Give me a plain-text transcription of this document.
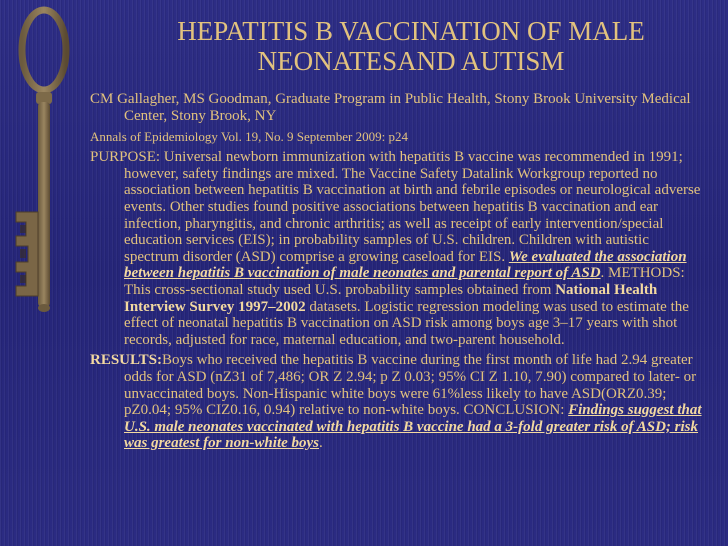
HEPATITIS B VACCINATION OF MALE NEONATESAND AUTISM

CM Gallagher, MS Goodman, Graduate Program in Public Health, Stony Brook University Medical Center, Stony Brook, NY

Annals of Epidemiology Vol. 19, No. 9 September 2009: p24

PURPOSE: Universal newborn immunization with hepatitis B vaccine was recommended in 1991; however, safety findings are mixed. The Vaccine Safety Datalink Workgroup reported no association between hepatitis B vaccination at birth and febrile episodes or neurological adverse events. Other studies found positive associations between hepatitis B vaccination and ear infection, pharyngitis, and chronic arthritis; as well as receipt of early intervention/special education services (EIS); in probability samples of U.S. children. Children with autistic spectrum disorder (ASD) comprise a growing caseload for EIS. We evaluated the association between hepatitis B vaccination of male neonates and parental report of ASD. METHODS: This cross-sectional study used U.S. probability samples obtained from National Health Interview Survey 1997–2002 datasets. Logistic regression modeling was used to estimate the effect of neonatal hepatitis B vaccination on ASD risk among boys age 3–17 years with shot records, adjusted for race, maternal education, and two-parent household.

RESULTS:Boys who received the hepatitis B vaccine during the first month of life had 2.94 greater odds for ASD (nZ31 of 7,486; OR Z 2.94; p Z 0.03; 95% CI Z 1.10, 7.90) compared to later- or unvaccinated boys. Non-Hispanic white boys were 61%less likely to have ASD(ORZ0.39; pZ0.04; 95% CIZ0.16, 0.94) relative to non-white boys. CONCLUSION: Findings suggest that U.S. male neonates vaccinated with hepatitis B vaccine had a 3-fold greater risk of ASD; risk was greatest for non-white boys.
